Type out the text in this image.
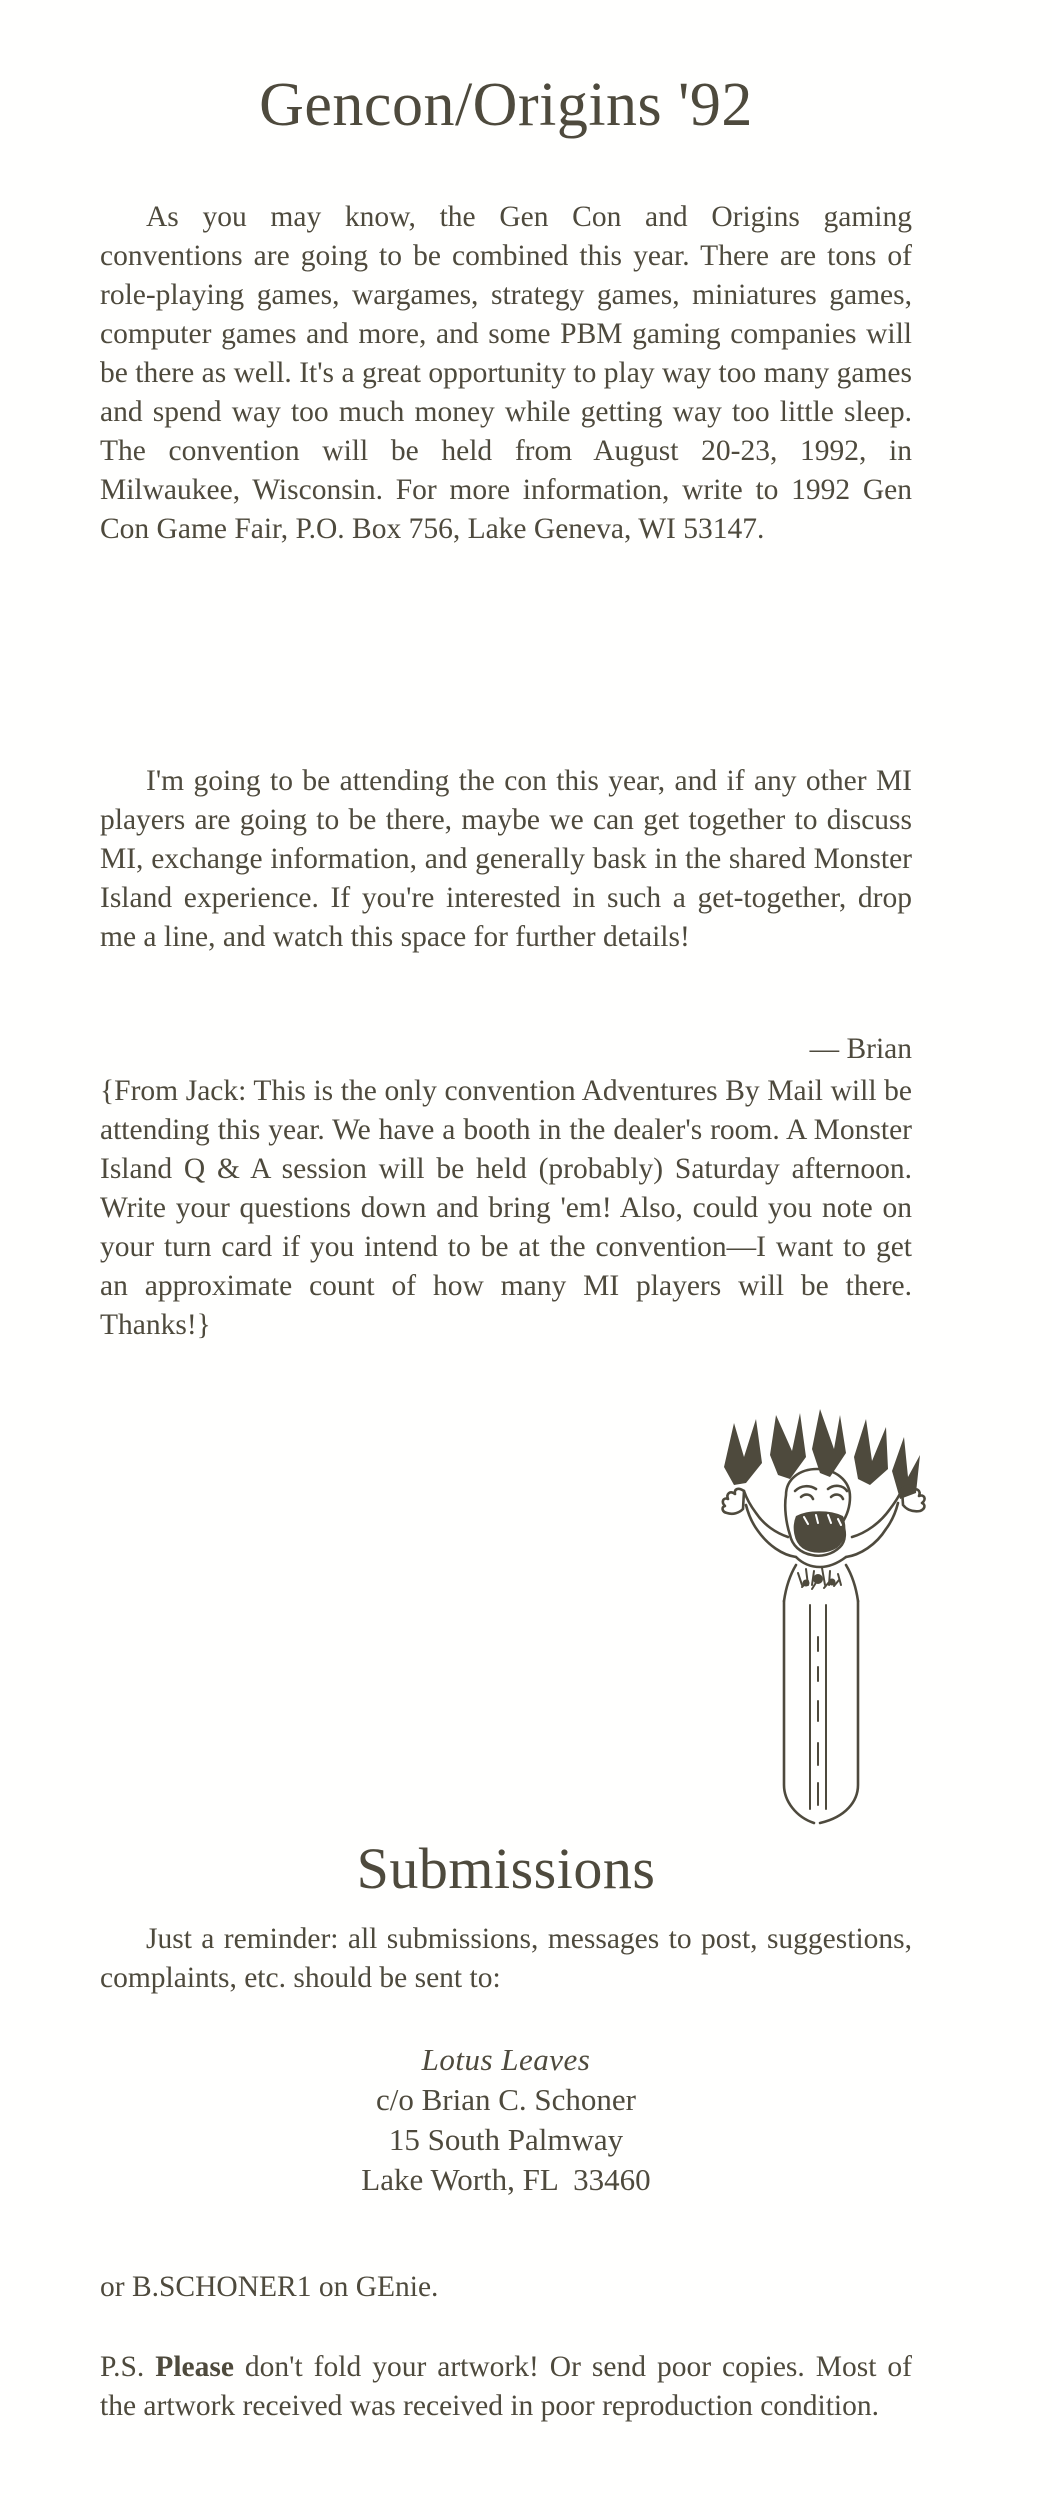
Gencon/Origins '92

As you may know, the Gen Con and Origins gaming conventions are going to be combined this year. There are tons of role-playing games, wargames, strategy games, miniatures games, computer games and more, and some PBM gaming companies will be there as well. It's a great opportunity to play way too many games and spend way too much money while getting way too little sleep. The convention will be held from August 20-23, 1992, in Milwaukee, Wisconsin. For more information, write to 1992 Gen Con Game Fair, P.O. Box 756, Lake Geneva, WI 53147.

I'm going to be attending the con this year, and if any other MI players are going to be there, maybe we can get together to discuss MI, exchange information, and generally bask in the shared Monster Island experience. If you're interested in such a get-together, drop me a line, and watch this space for further details!

— Brian

{From Jack: This is the only convention Adventures By Mail will be attending this year. We have a booth in the dealer's room. A Monster Island Q & A session will be held (probably) Saturday afternoon. Write your questions down and bring 'em! Also, could you note on your turn card if you intend to be at the convention—I want to get an approximate count of how many MI players will be there. Thanks!}

Submissions

Just a reminder: all submissions, messages to post, suggestions, complaints, etc. should be sent to:

Lotus Leaves
c/o Brian C. Schoner
15 South Palmway
Lake Worth, FL  33460

or B.SCHONER1 on GEnie.

P.S. Please don't fold your artwork! Or send poor copies. Most of the artwork received was received in poor reproduction condition.
